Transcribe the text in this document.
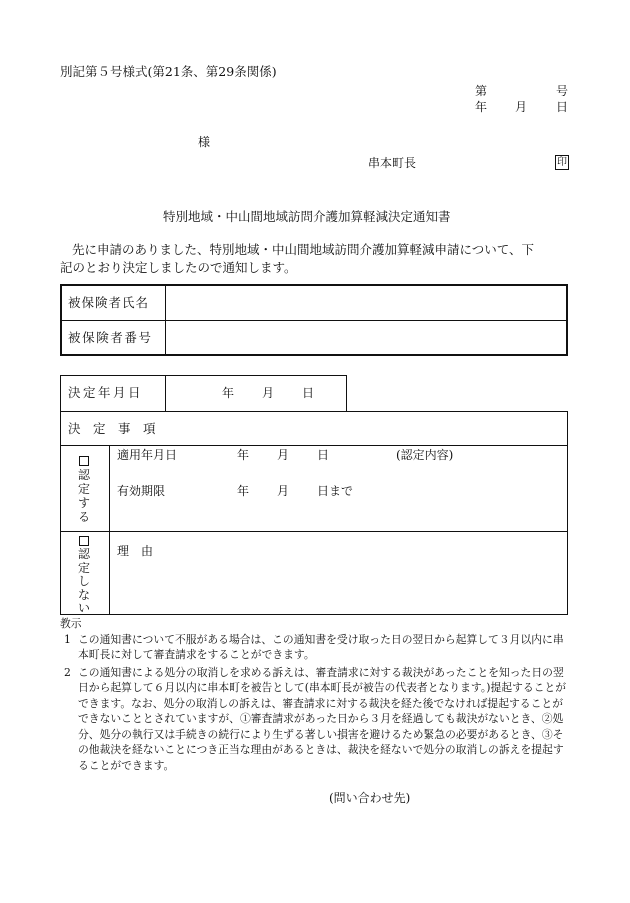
別記第５号様式(第21条、第29条関係)
第	号
年 月 日
様
串本町長	印
特別地域・中山間地域訪問介護加算軽減決定通知書
先に申請のありました、特別地域・中山間地域訪問介護加算軽減申請について、下
記のとおり決定しましたので通知します。
被保険者氏名
被保険者番号
決定年月日	年 月 日
決　定　事　項
認
定
す
る
適用年月日	年 月 日	(認定内容)
有効期限	年 月 日まで
認
定
し
な
い
理　由
教示
1 この通知書について不服がある場合は、この通知書を受け取った日の翌日から起算して３月以内に串本町長に対して審査請求をすることができます。
2 この通知書による処分の取消しを求める訴えは、審査請求に対する裁決があったことを知った日の翌日から起算して６月以内に串本町を被告として(串本町長が被告の代表者となります。)提起することができます。なお、処分の取消しの訴えは、審査請求に対する裁決を経た後でなければ提起することができないこととされていますが、①審査請求があった日から３月を経過しても裁決がないとき、②処分、処分の執行又は手続きの続行により生ずる著しい損害を避けるため緊急の必要があるとき、③その他裁決を経ないことにつき正当な理由があるときは、裁決を経ないで処分の取消しの訴えを提起することができます。
(問い合わせ先)
